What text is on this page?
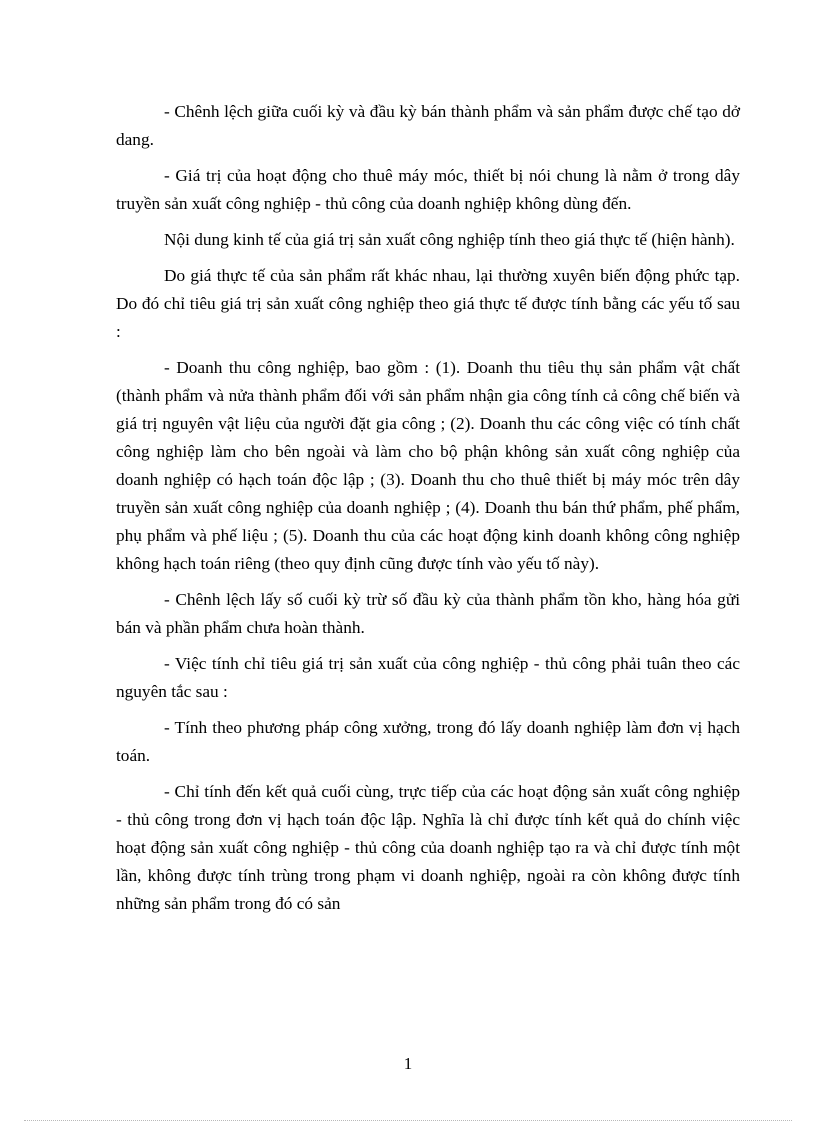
- Chênh lệch giữa cuối kỳ và đầu kỳ bán thành phẩm và sản phẩm được chế tạo dở dang.

- Giá trị của hoạt động cho thuê máy móc, thiết bị nói chung là nằm ở trong dây truyền sản xuất công nghiệp - thủ công của doanh nghiệp không dùng đến.

Nội dung kinh tế của giá trị sản xuất công nghiệp tính theo giá thực tế (hiện hành).

Do giá thực tế của sản phẩm rất khác nhau, lại thường xuyên biến động phức tạp. Do đó chỉ tiêu giá trị sản xuất công nghiệp theo giá thực tế được tính bằng các yếu tố sau :

- Doanh thu công nghiệp, bao gồm : (1). Doanh thu tiêu thụ sản phẩm vật chất (thành phẩm và nửa thành phẩm đối với sản phẩm nhận gia công tính cả công chế biến và giá trị nguyên vật liệu của người đặt gia công ; (2). Doanh thu các công việc có tính chất công nghiệp làm cho bên ngoài và làm cho bộ phận không sản xuất công nghiệp của doanh nghiệp có hạch toán độc lập ; (3). Doanh thu cho thuê thiết bị máy móc trên dây truyền sản xuất công nghiệp của doanh nghiệp ; (4). Doanh thu bán thứ phẩm, phế phẩm, phụ phẩm và phế liệu ; (5). Doanh thu của các hoạt động kinh doanh không công nghiệp không hạch toán riêng (theo quy định cũng được tính vào yếu tố này).

- Chênh lệch lấy số cuối kỳ trừ số đầu kỳ của thành phẩm tồn kho, hàng hóa gửi bán và phần phẩm chưa hoàn thành.

- Việc tính chỉ tiêu giá trị sản xuất của công nghiệp - thủ công phải tuân theo các nguyên tắc sau :

- Tính theo phương pháp công xưởng, trong đó lấy doanh nghiệp làm đơn vị hạch toán.

- Chỉ tính đến kết quả cuối cùng, trực tiếp của các hoạt động sản xuất công nghiệp - thủ công trong đơn vị hạch toán độc lập. Nghĩa là chỉ được tính kết quả do chính việc hoạt động sản xuất công nghiệp - thủ công của doanh nghiệp tạo ra và chỉ được tính một lần, không được tính trùng trong phạm vi doanh nghiệp, ngoài ra còn không được tính những sản phẩm trong đó có sản

1
